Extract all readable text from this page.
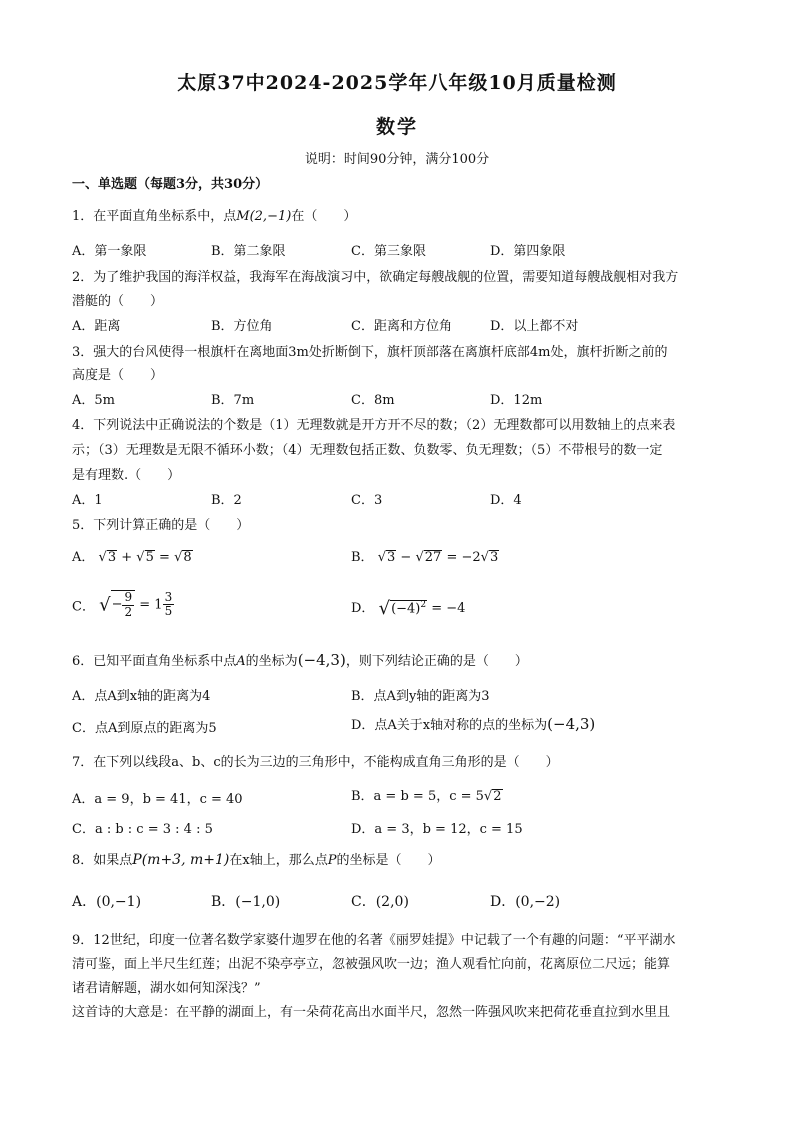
太原37中2024-2025学年八年级10月质量检测
数学
说明：时间90分钟，满分100分
一、单选题（每题3分，共30分）
1．在平面直角坐标系中，点M(2,−1)在（　　）
A．第一象限	B．第二象限	C．第三象限	D．第四象限
2．为了维护我国的海洋权益，我海军在海战演习中，欲确定每艘战舰的位置，需要知道每艘战舰相对我方
潜艇的（　　）
A．距离	B．方位角	C．距离和方位角	D．以上都不对
3．强大的台风使得一根旗杆在离地面3m处折断倒下，旗杆顶部落在离旗杆底部4m处，旗杆折断之前的
高度是（　　）
A．5m	B．7m	C．8m	D．12m
4．下列说法中正确说法的个数是（1）无理数就是开方开不尽的数；（2）无理数都可以用数轴上的点来表
示；（3）无理数是无限不循环小数；（4）无理数包括正数、负数零、负无理数；（5）不带根号的数一定
是有理数.（　　）
A．1	B．2	C．3	D．4
5．下列计算正确的是（　　）
A． √3 + √5 = √8	B． √3 − √27 = −2√3
C． √ − $\frac{9}{2} = 1 \frac{3}{5}$	D． $√(-4)^2 = -4$
6．已知平面直角坐标系中点A的坐标为(−4,3)，则下列结论正确的是（　　）
A．点A到x轴的距离为4	B．点A到y轴的距离为3
C．点A到原点的距离为5	D．点A关于x轴对称的点的坐标为(−4,3)
7．在下列以线段a、b、c的长为三边的三角形中，不能构成直角三角形的是（　　）
A．a = 9，b = 41，c = 40	B．a = b = 5，c = 5√2
C．a : b : c = 3 : 4 : 5	D．a = 3，b = 12，c = 15
8．如果点P(m+3, m+1)在x轴上，那么点P的坐标是（　　）
A．(0,−1)	B．(−1,0)	C．(2,0)	D．(0,−2)
9．12世纪，印度一位著名数学家婆什迦罗在他的名著《丽罗娃提》中记载了一个有趣的问题：“平平湖水
清可鉴，面上半尺生红莲；出泥不染亭亭立，忽被强风吹一边；渔人观看忙向前，花离原位二尺远；能算
诸君请解题，湖水如何知深浅？”
这首诗的大意是：在平静的湖面上，有一朵荷花高出水面半尺，忽然一阵强风吹来把荷花垂直拉到水里且
